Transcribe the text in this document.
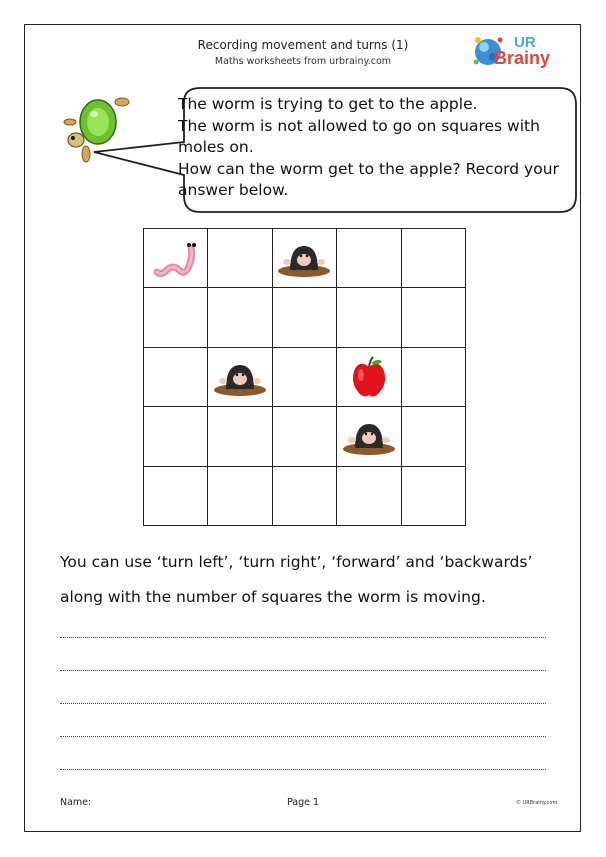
Recording movement and turns (1)
Maths worksheets from urbrainy.com
UR
Brainy
The worm is trying to get to the apple.
The worm is not allowed to go on squares with
moles on.
How can the worm get to the apple? Record your
answer below.
You can use ‘turn left’, ‘turn right’, ‘forward’ and ‘backwards’
along with the number of squares the worm is moving.
Name:	Page 1	© URBrainy.com
